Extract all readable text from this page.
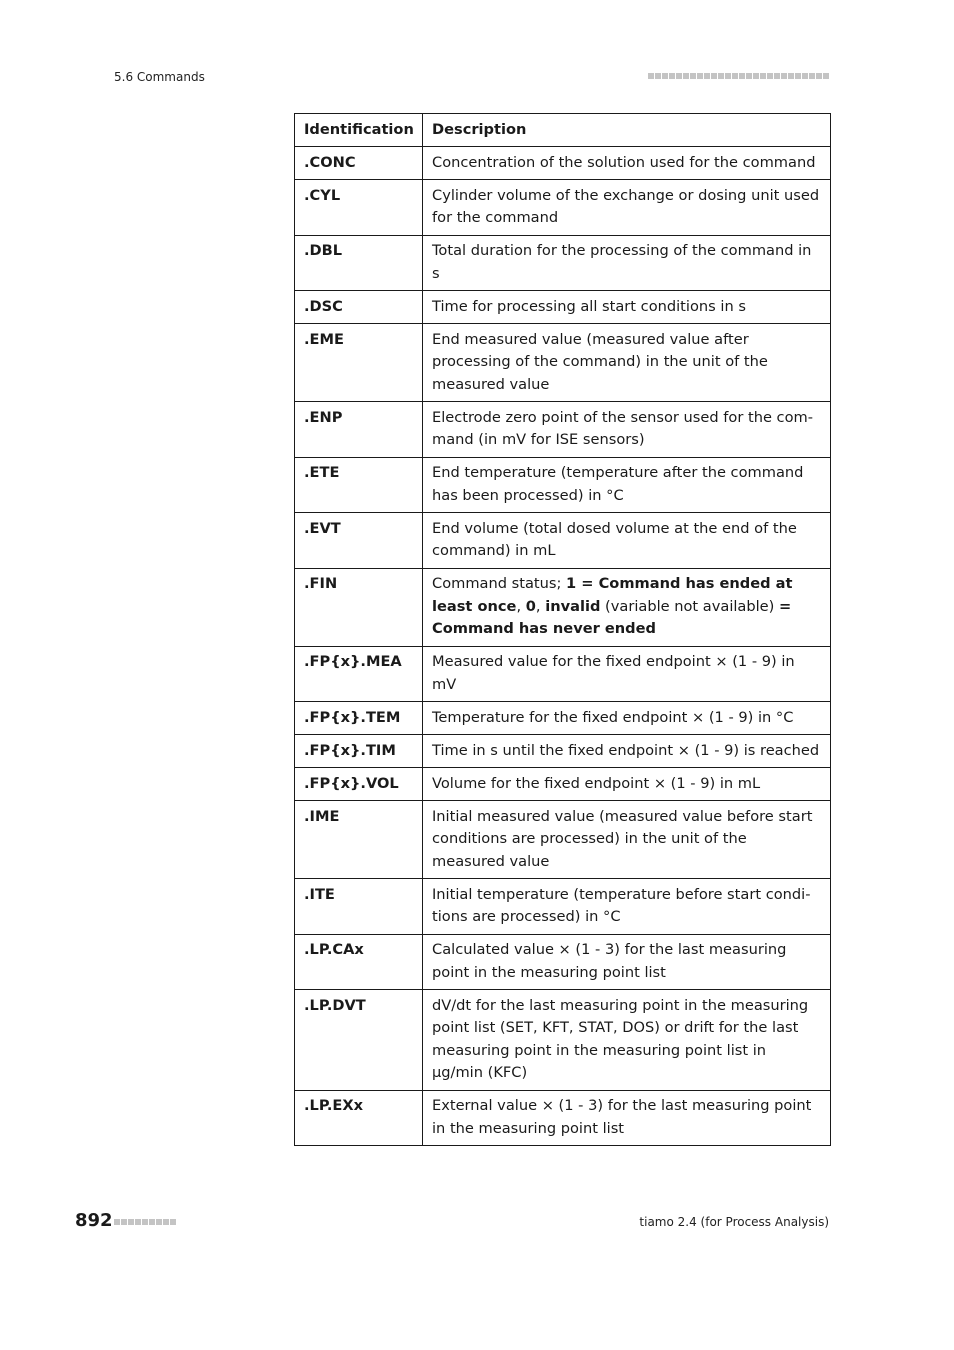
5.6 Commands
Identification	Description
.CONC	Concentration of the solution used for the command
.CYL	Cylinder volume of the exchange or dosing unit used for the command
.DBL	Total duration for the processing of the command in s
.DSC	Time for processing all start conditions in s
.EME	End measured value (measured value after processing of the command) in the unit of the measured value
.ENP	Electrode zero point of the sensor used for the com-mand (in mV for ISE sensors)
.ETE	End temperature (temperature after the command has been processed) in °C
.EVT	End volume (total dosed volume at the end of the command) in mL
.FIN	Command status; 1 = Command has ended at least once, 0, invalid (variable not available) = Command has never ended
.FP{x}.MEA	Measured value for the fixed endpoint × (1 - 9) in mV
.FP{x}.TEM	Temperature for the fixed endpoint × (1 - 9) in °C
.FP{x}.TIM	Time in s until the fixed endpoint × (1 - 9) is reached
.FP{x}.VOL	Volume for the fixed endpoint × (1 - 9) in mL
.IME	Initial measured value (measured value before start conditions are processed) in the unit of the measured value
.ITE	Initial temperature (temperature before start condi-tions are processed) in °C
.LP.CAx	Calculated value × (1 - 3) for the last measuring point in the measuring point list
.LP.DVT	dV/dt for the last measuring point in the measuring point list (SET, KFT, STAT, DOS) or drift for the last measuring point in the measuring point list in µg/min (KFC)
.LP.EXx	External value × (1 - 3) for the last measuring point in the measuring point list
892	tiamo 2.4 (for Process Analysis)
